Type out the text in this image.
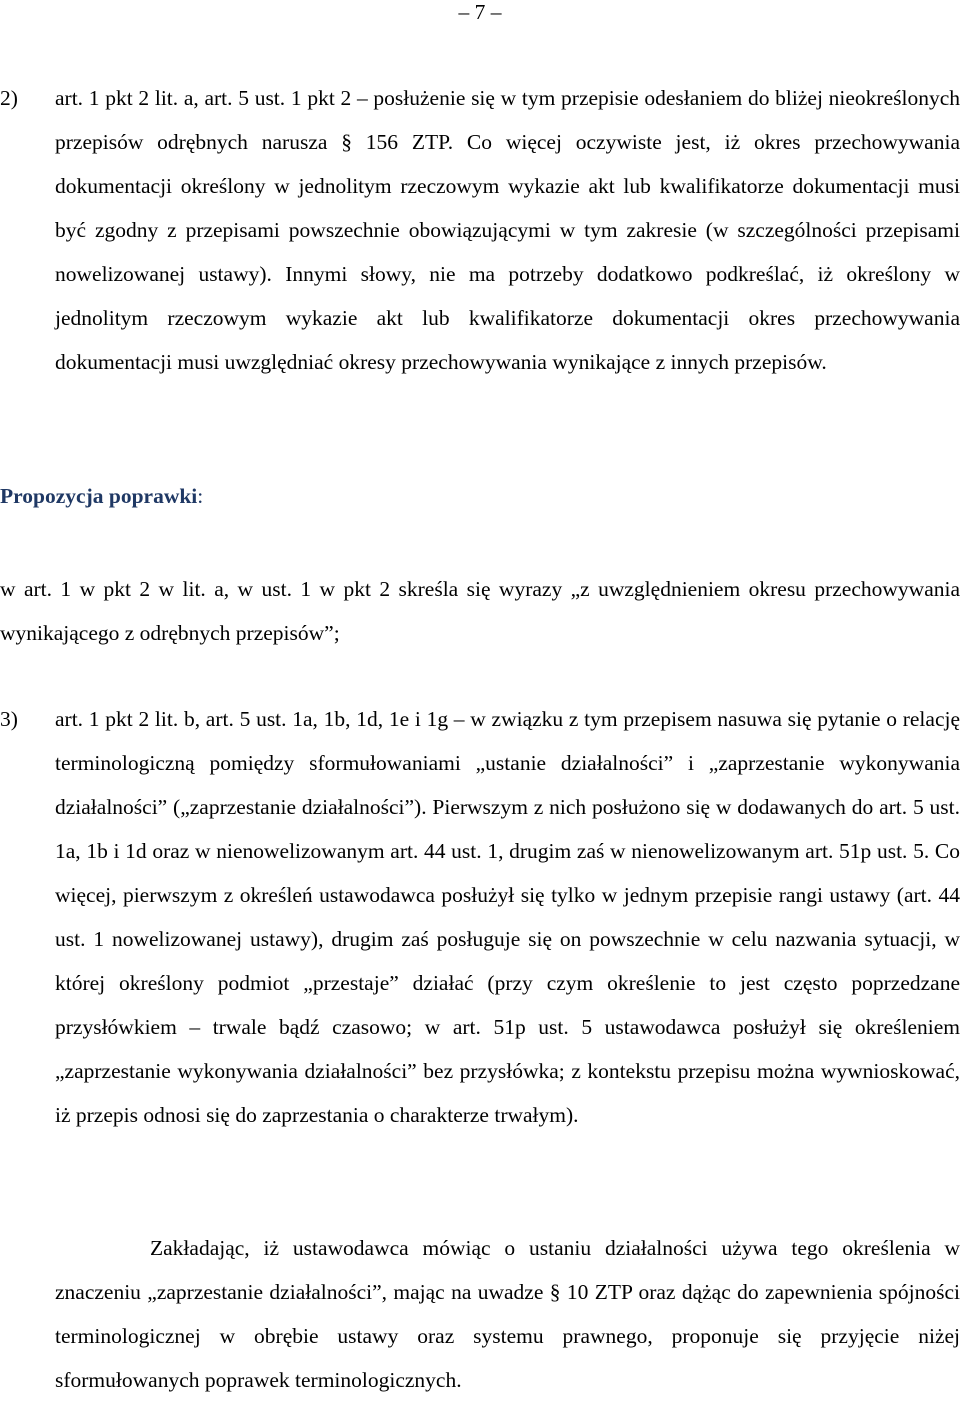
– 7 –
2) art. 1 pkt 2 lit. a, art. 5 ust. 1 pkt 2 – posłużenie się w tym przepisie odesłaniem do bliżej nieokreślonych przepisów odrębnych narusza § 156 ZTP. Co więcej oczywiste jest, iż okres przechowywania dokumentacji określony w jednolitym rzeczowym wykazie akt lub kwalifikatorze dokumentacji musi być zgodny z przepisami powszechnie obowiązującymi w tym zakresie (w szczególności przepisami nowelizowanej ustawy). Innymi słowy, nie ma potrzeby dodatkowo podkreślać, iż określony w jednolitym rzeczowym wykazie akt lub kwalifikatorze dokumentacji okres przechowywania dokumentacji musi uwzględniać okresy przechowywania wynikające z innych przepisów.
Propozycja poprawki:
w art. 1 w pkt 2 w lit. a, w ust. 1 w pkt 2 skreśla się wyrazy „z uwzględnieniem okresu przechowywania wynikającego z odrębnych przepisów”;
3) art. 1 pkt 2 lit. b, art. 5 ust. 1a, 1b, 1d, 1e i 1g – w związku z tym przepisem nasuwa się pytanie o relację terminologiczną pomiędzy sformułowaniami „ustanie działalności” i „zaprzestanie wykonywania działalności” („zaprzestanie działalności”). Pierwszym z nich posłużono się w dodawanych do art. 5 ust. 1a, 1b i 1d oraz w nienowelizowanym art. 44 ust. 1, drugim zaś w nienowelizowanym art. 51p ust. 5. Co więcej, pierwszym z określeń ustawodawca posłużył się tylko w jednym przepisie rangi ustawy (art. 44 ust. 1 nowelizowanej ustawy), drugim zaś posługuje się on powszechnie w celu nazwania sytuacji, w której określony podmiot „przestaje” działać (przy czym określenie to jest często poprzedzane przysłówkiem – trwale bądź czasowo; w art. 51p ust. 5 ustawodawca posłużył się określeniem „zaprzestanie wykonywania działalności” bez przysłówka; z kontekstu przepisu można wywnioskować, iż przepis odnosi się do zaprzestania o charakterze trwałym).
Zakładając, iż ustawodawca mówiąc o ustaniu działalności używa tego określenia w znaczeniu „zaprzestanie działalności”, mając na uwadze § 10 ZTP oraz dążąc do zapewnienia spójności terminologicznej w obrębie ustawy oraz systemu prawnego, proponuje się przyjęcie niżej sformułowanych poprawek terminologicznych.
